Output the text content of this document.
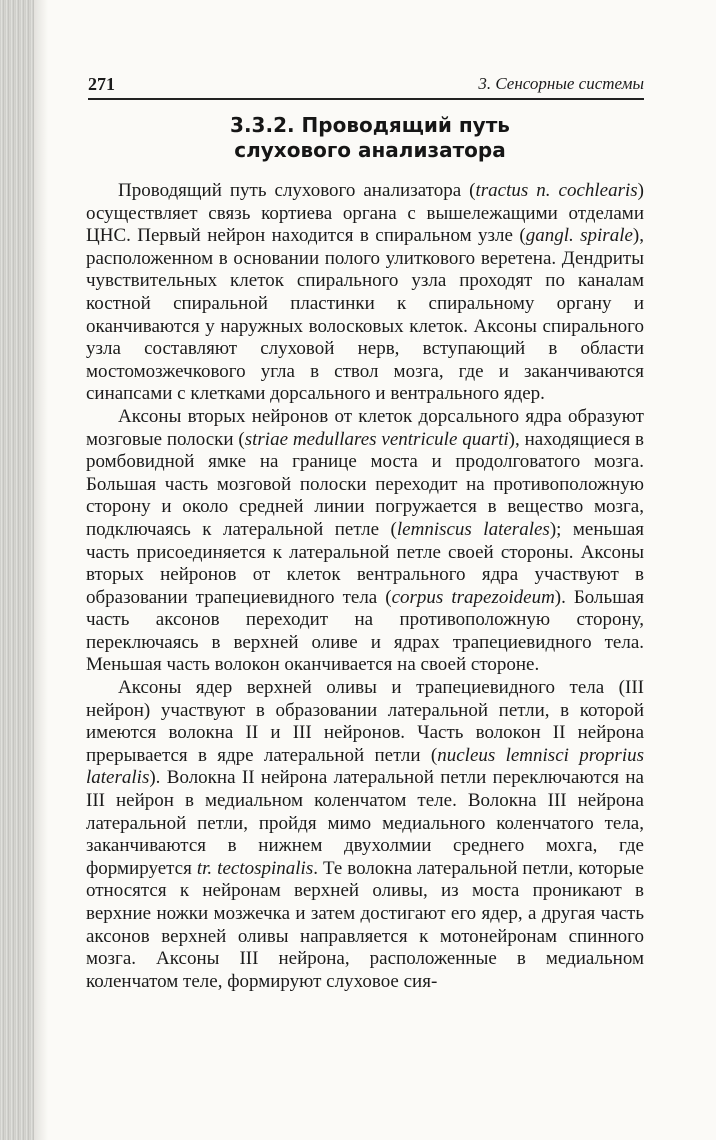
271	3. Сенсорные системы
3.3.2. Проводящий путь
слухового анализатора

Проводящий путь слухового анализатора (tractus n. cochlearis) осуществляет связь кортиева органа с вышележащими отделами ЦНС. Первый нейрон находится в спиральном узле (gangl. spirale), расположенном в основании полого улиткового веретена. Дендриты чувствительных клеток спирального узла проходят по каналам костной спиральной пластинки к спиральному органу и оканчиваются у наружных волосковых клеток. Аксоны спирального узла составляют слуховой нерв, вступающий в области мостомозжечкового угла в ствол мозга, где и заканчиваются синапсами с клетками дорсального и вентрального ядер.

Аксоны вторых нейронов от клеток дорсального ядра образуют мозговые полоски (striae medullares ventricule quarti), находящиеся в ромбовидной ямке на границе моста и продолговатого мозга. Большая часть мозговой полоски переходит на противоположную сторону и около средней линии погружается в вещество мозга, подключаясь к латеральной петле (lemniscus laterales); меньшая часть присоединяется к латеральной петле своей стороны. Аксоны вторых нейронов от клеток вентрального ядра участвуют в образовании трапециевидного тела (corpus trapezoideum). Большая часть аксонов переходит на противоположную сторону, переключаясь в верхней оливе и ядрах трапециевидного тела. Меньшая часть волокон оканчивается на своей стороне.

Аксоны ядер верхней оливы и трапециевидного тела (III нейрон) участвуют в образовании латеральной петли, в которой имеются волокна II и III нейронов. Часть волокон II нейрона прерывается в ядре латеральной петли (nucleus lemnisci proprius lateralis). Волокна II нейрона латеральной петли переключаются на III нейрон в медиальном коленчатом теле. Волокна III нейрона латеральной петли, пройдя мимо медиального коленчатого тела, заканчиваются в нижнем двухолмии среднего мохга, где формируется tr. tectospinalis. Те волокна латеральной петли, которые относятся к нейронам верхней оливы, из моста проникают в верхние ножки мозжечка и затем достигают его ядер, а другая часть аксонов верхней оливы направляется к мотонейронам спинного мозга. Аксоны III нейрона, расположенные в медиальном коленчатом теле, формируют слуховое сия-
